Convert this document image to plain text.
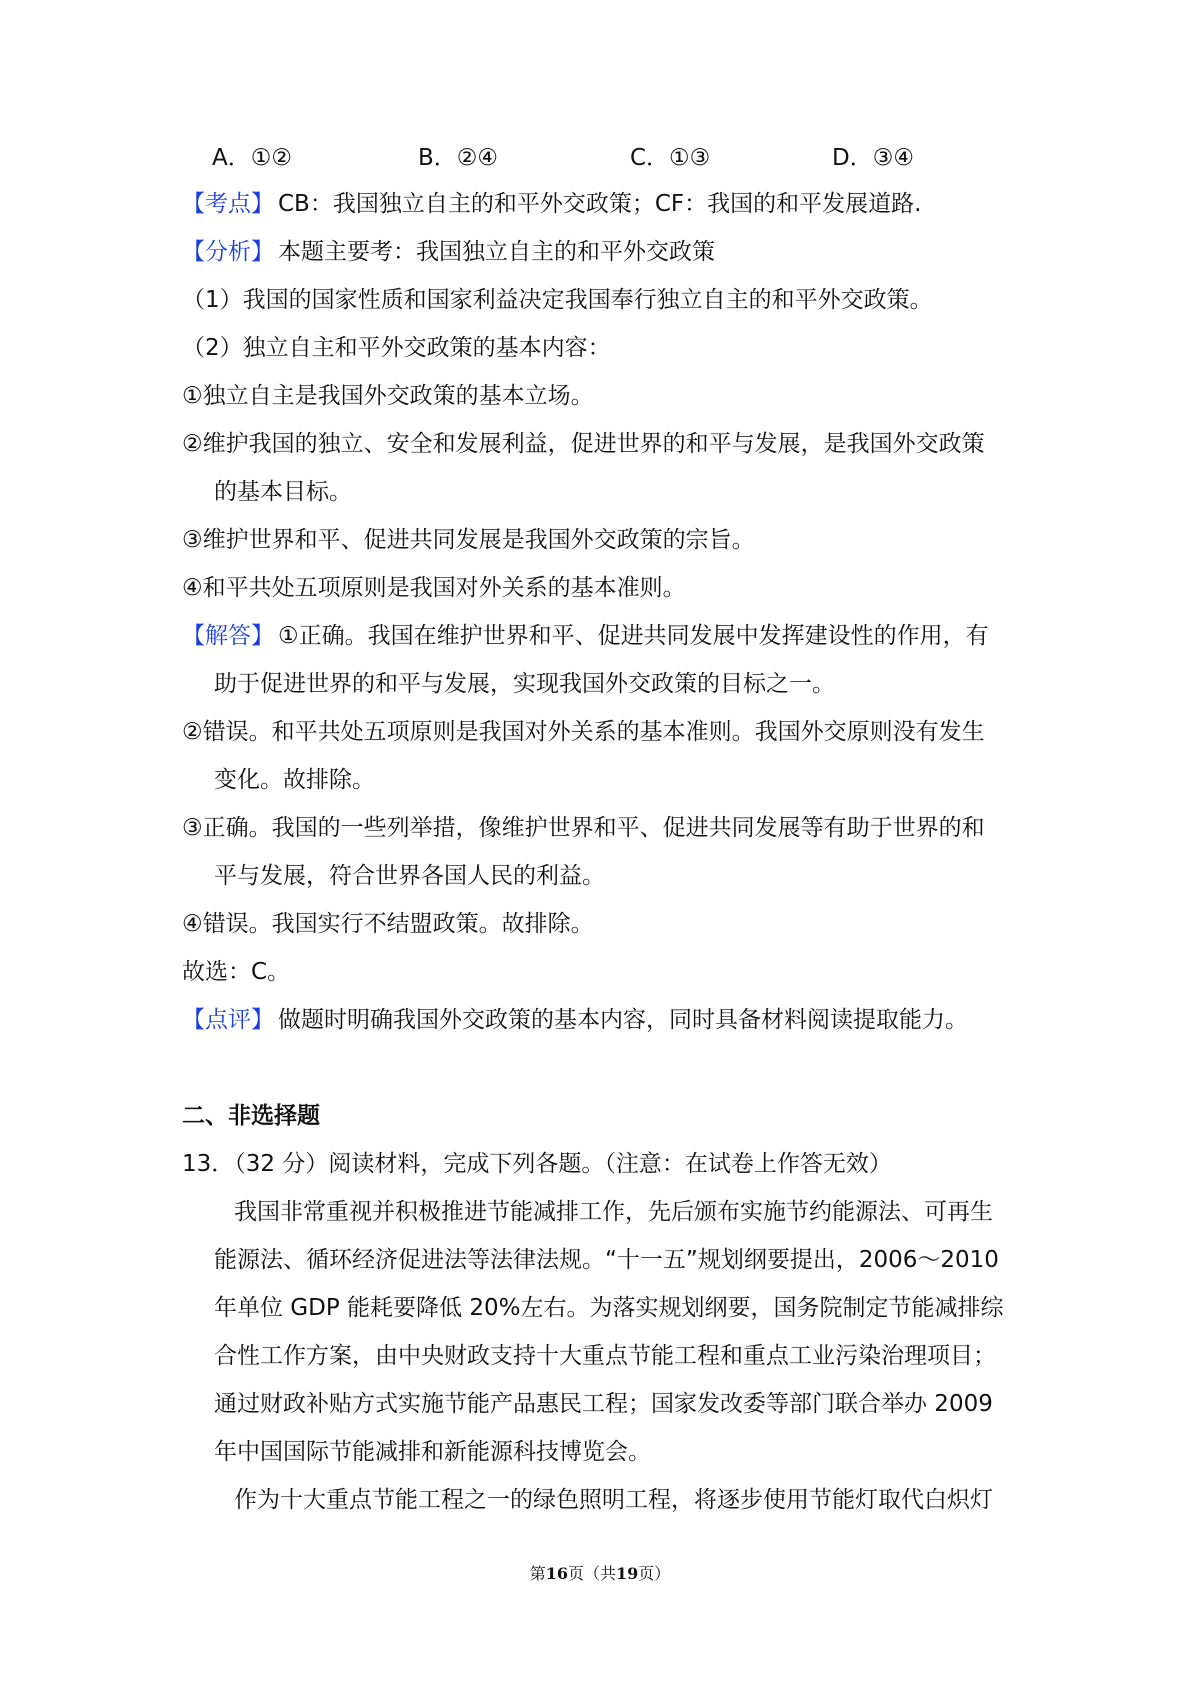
A．①②	B．②④	C．①③	D．③④
【考点】 CB：我国独立自主的和平外交政策；CF：我国的和平发展道路.
【分析】 本题主要考：我国独立自主的和平外交政策
（1）我国的国家性质和国家利益决定我国奉行独立自主的和平外交政策。
（2）独立自主和平外交政策的基本内容：
①独立自主是我国外交政策的基本立场。
②维护我国的独立、安全和发展利益，促进世界的和平与发展，是我国外交政策
的基本目标。
③维护世界和平、促进共同发展是我国外交政策的宗旨。
④和平共处五项原则是我国对外关系的基本准则。
【解答】 ①正确。我国在维护世界和平、促进共同发展中发挥建设性的作用，有
助于促进世界的和平与发展，实现我国外交政策的目标之一。
②错误。和平共处五项原则是我国对外关系的基本准则。我国外交原则没有发生
变化。故排除。
③正确。我国的一些列举措，像维护世界和平、促进共同发展等有助于世界的和
平与发展，符合世界各国人民的利益。
④错误。我国实行不结盟政策。故排除。
故选：C。
【点评】 做题时明确我国外交政策的基本内容，同时具备材料阅读提取能力。
二、非选择题
13．（32 分）阅读材料，完成下列各题。（注意：在试卷上作答无效）
我国非常重视并积极推进节能减排工作，先后颁布实施节约能源法、可再生
能源法、循环经济促进法等法律法规。“十一五”规划纲要提出，2006～2010
年单位 GDP 能耗要降低 20%左右。为落实规划纲要，国务院制定节能减排综
合性工作方案，由中央财政支持十大重点节能工程和重点工业污染治理项目；
通过财政补贴方式实施节能产品惠民工程；国家发改委等部门联合举办 2009
年中国国际节能减排和新能源科技博览会。
作为十大重点节能工程之一的绿色照明工程，将逐步使用节能灯取代白炽灯
第16页（共19页）
